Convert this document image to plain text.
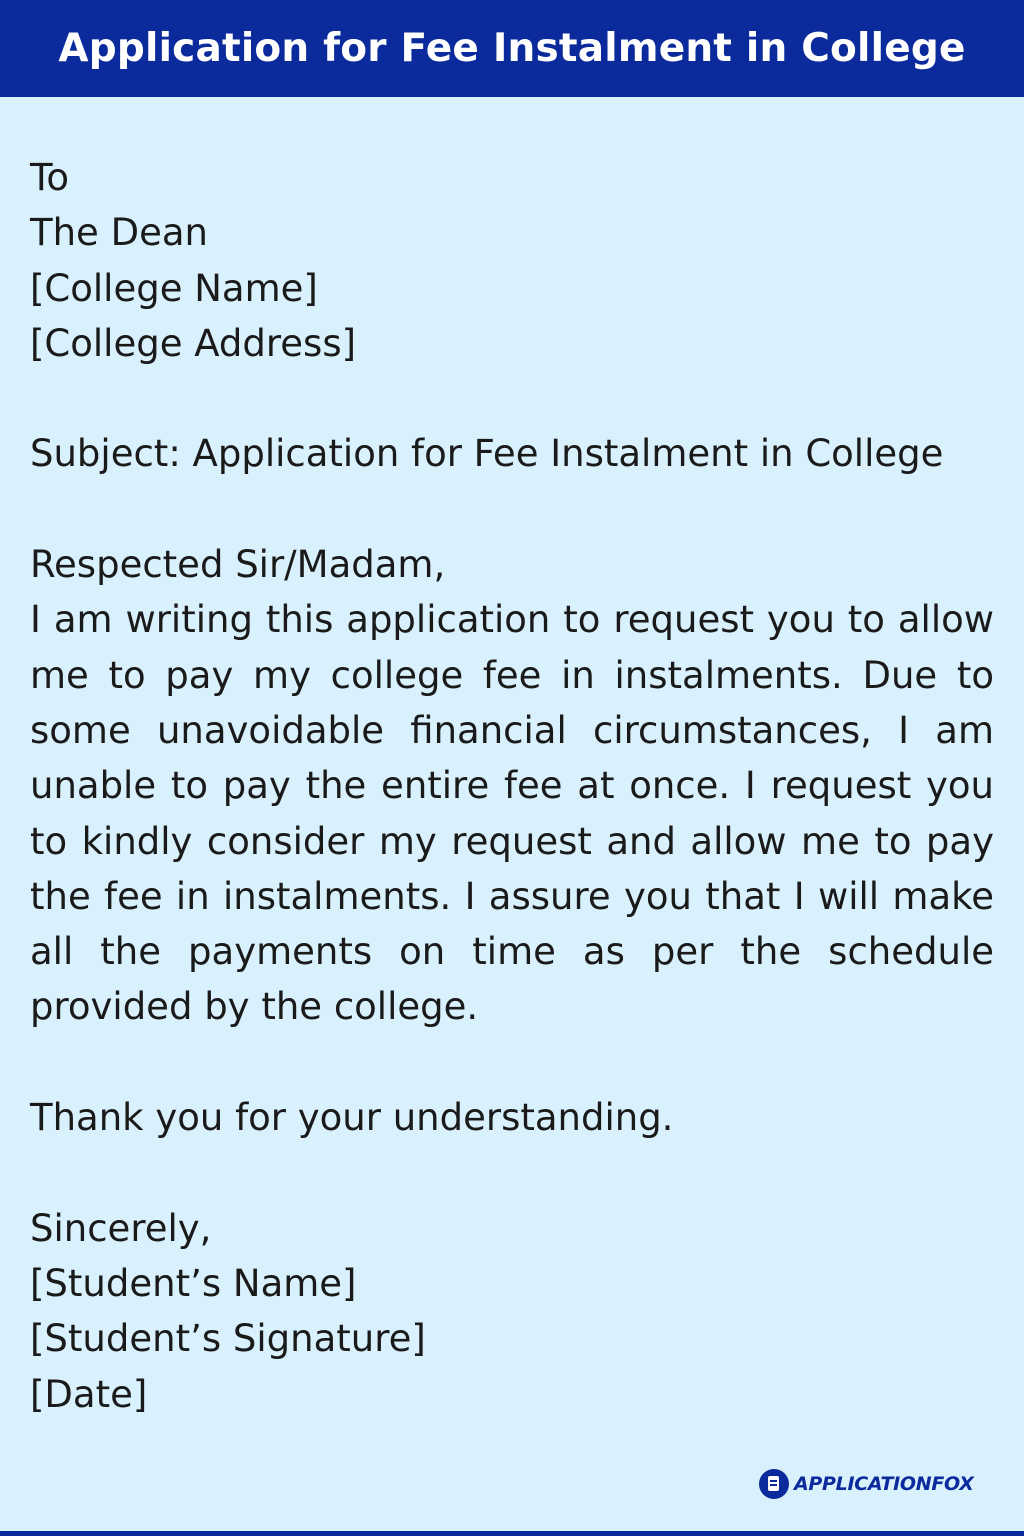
Application for Fee Instalment in College
To
The Dean
[College Name]
[College Address]
Subject: Application for Fee Instalment in College
Respected Sir/Madam,

I am writing this application to request you to allow me to pay my college fee in instalments. Due to some unavoidable financial circumstances, I am unable to pay the entire fee at once. I request you to kindly consider my request and allow me to pay the fee in instalments. I assure you that I will make all the payments on time as per the schedule provided by the college.

Thank you for your understanding.
Sincerely,
[Student’s Name]
[Student’s Signature]
[Date]
APPLICATIONFOX
